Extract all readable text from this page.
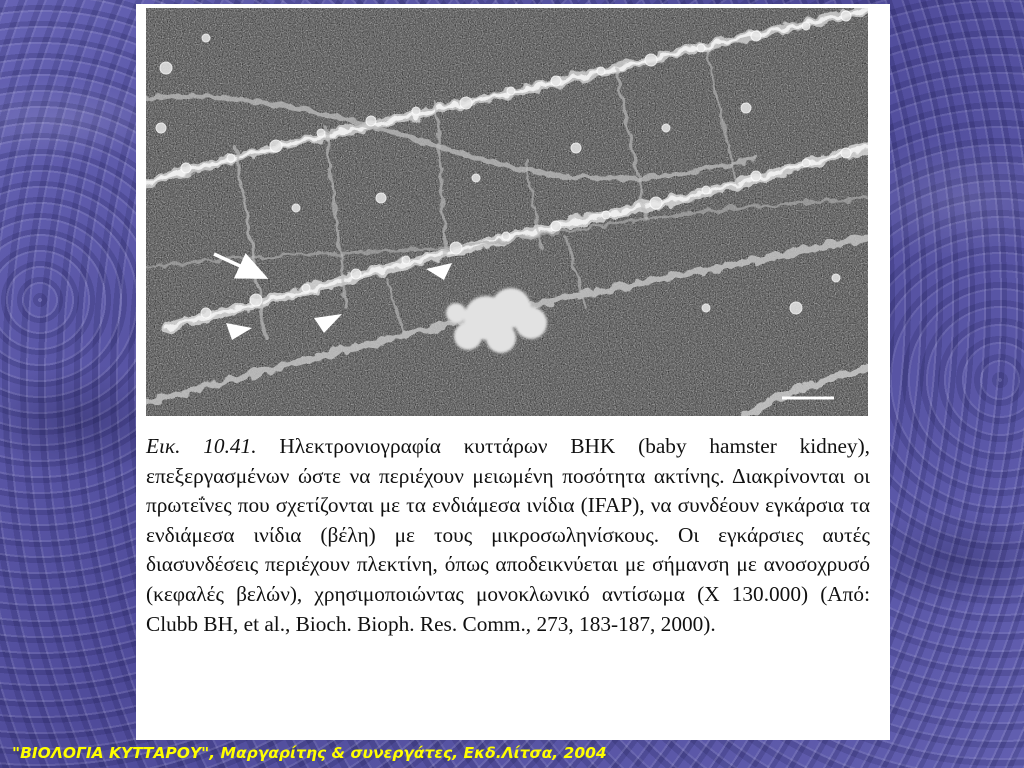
Εικ. 10.41. Ηλεκτρονιογραφία κυττάρων BHK (baby hamster kidney), επεξεργασμένων ώστε να περιέχουν μειωμένη ποσότητα ακτίνης. Διακρίνονται οι πρωτεΐνες που σχετίζονται με τα ενδιάμεσα ινίδια (IFAP), να συνδέουν εγκάρσια τα ενδιάμεσα ινίδια (βέλη) με τους μικροσωληνίσκους. Οι εγκάρσιες αυτές διασυνδέσεις περιέχουν πλεκτίνη, όπως αποδεικνύεται με σήμανση με ανοσοχρυσό (κεφαλές βελών), χρησιμοποιώντας μονοκλωνικό αντίσωμα (X 130.000) (Από: Clubb BH, et al., Bioch. Bioph. Res. Comm., 273, 183-187, 2000).

"ΒΙΟΛΟΓΙΑ ΚΥΤΤΑΡΟΥ", Μαργαρίτης & συνεργάτες, Εκδ.Λίτσα, 2004
